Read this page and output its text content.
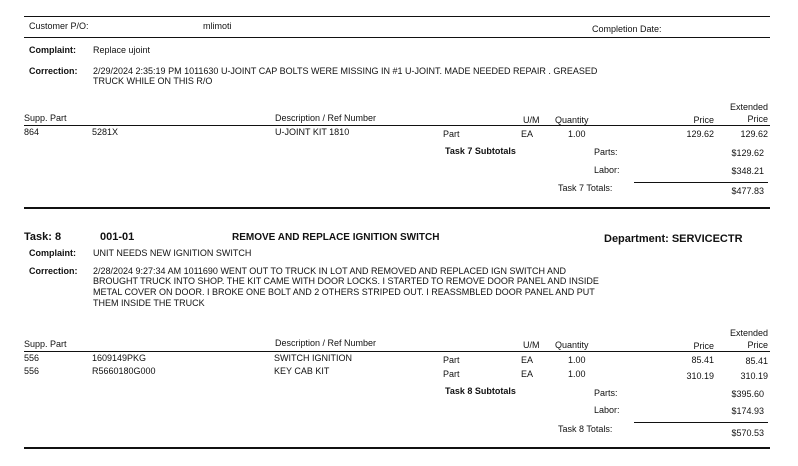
Customer P/O:	mlimoti	Completion Date:
Complaint: Replace ujoint
Correction: 2/29/2024 2:35:19 PM 1011630 U-JOINT CAP BOLTS WERE MISSING IN #1 U-JOINT. MADE NEEDED REPAIR . GREASED
TRUCK WHILE ON THIS R/O
Supp. Part	Description / Ref Number	U/M Quantity	Price
Extended
Price
864	5281X	U-JOINT KIT 1810	Part	EA	1.00	129.62	129.62
Task 7 Subtotals	Parts:	$129.62
Labor:	$348.21
Task 7 Totals:	$477.83
Task: 8	001-01	REMOVE AND REPLACE IGNITION SWITCH	Department: SERVICECTR
Complaint: UNIT NEEDS NEW IGNITION SWITCH
Correction: 2/28/2024 9:27:34 AM 1011690 WENT OUT TO TRUCK IN LOT AND REMOVED AND REPLACED IGN SWITCH AND
BROUGHT TRUCK INTO SHOP. THE KIT CAME WITH DOOR LOCKS. I STARTED TO REMOVE DOOR PANEL AND INSIDE
METAL COVER ON DOOR. I BROKE ONE BOLT AND 2 OTHERS STRIPED OUT. I REASSMBLED DOOR PANEL AND PUT
THEM INSIDE THE TRUCK
Supp. Part	Description / Ref Number	U/M Quantity	Price
Extended
Price
556	1609149PKG	SWITCH IGNITION	Part	EA	1.00	85.41	85.41
556	R5660180G000	KEY CAB KIT	Part	EA	1.00	310.19	310.19
Task 8 Subtotals	Parts:	$395.60
Labor:	$174.93
Task 8 Totals:	$570.53
